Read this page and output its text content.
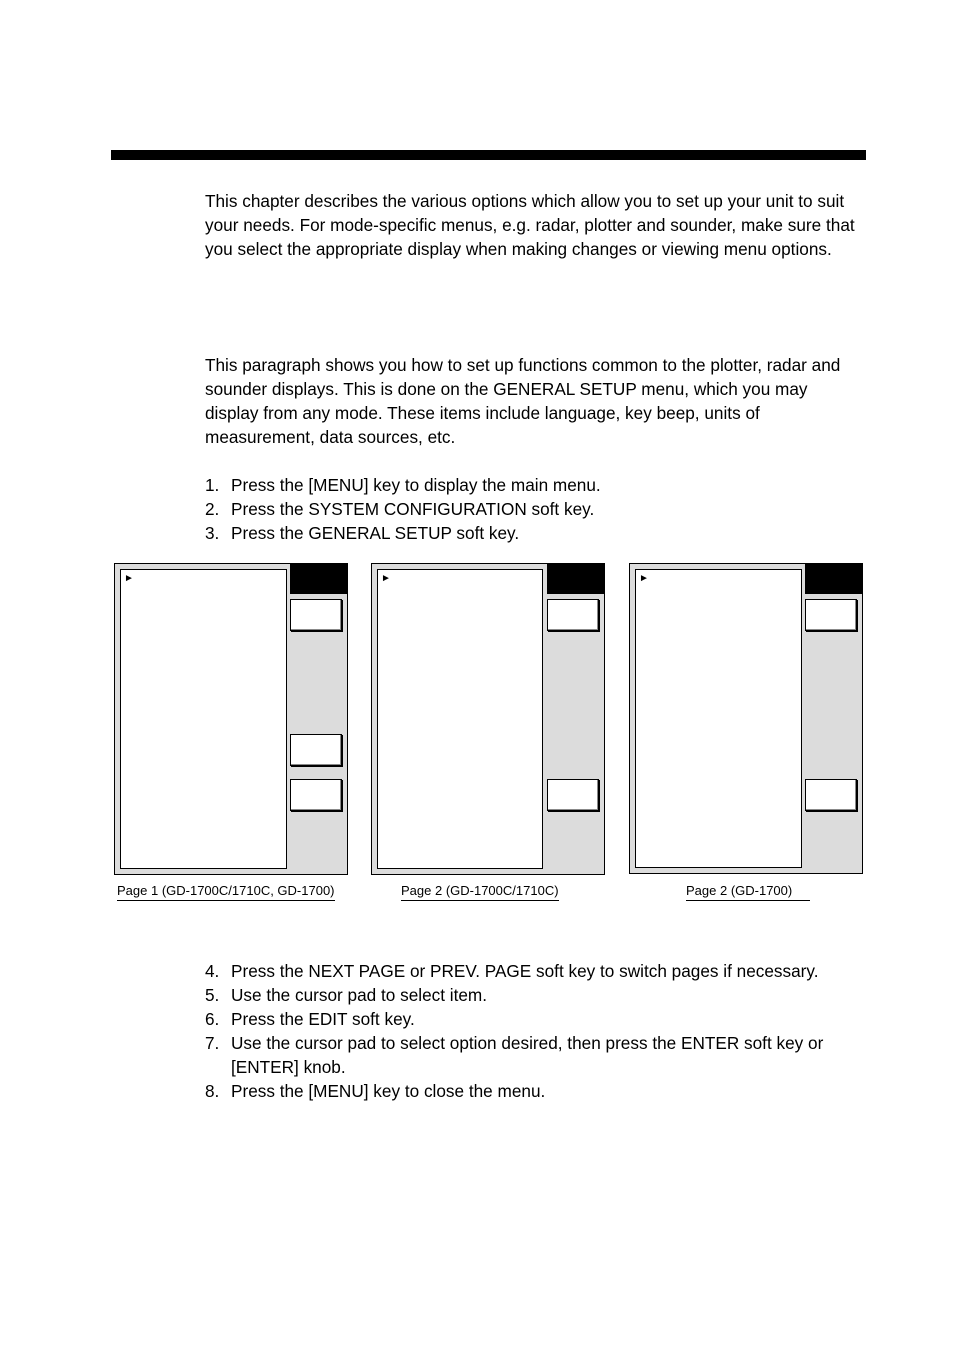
This chapter describes the various options which allow you to set up your unit to suit your needs. For mode-specific menus, e.g. radar, plotter and sounder, make sure that you select the appropriate display when making changes or viewing menu options.

This paragraph shows you how to set up functions common to the plotter, radar and sounder displays. This is done on the GENERAL SETUP menu, which you may display from any mode. These items include language, key beep, units of measurement, data sources, etc.

1. Press the [MENU] key to display the main menu.
2. Press the SYSTEM CONFIGURATION soft key.
3. Press the GENERAL SETUP soft key.
►	►	►
Page 1 (GD-1700C/1710C, GD-1700)	Page 2 (GD-1700C/1710C)	Page 2 (GD-1700)
4. Press the NEXT PAGE or PREV. PAGE soft key to switch pages if necessary.
5. Use the cursor pad to select item.
6. Press the EDIT soft key.
7. Use the cursor pad to select option desired, then press the ENTER soft key or [ENTER] knob.
8. Press the [MENU] key to close the menu.
